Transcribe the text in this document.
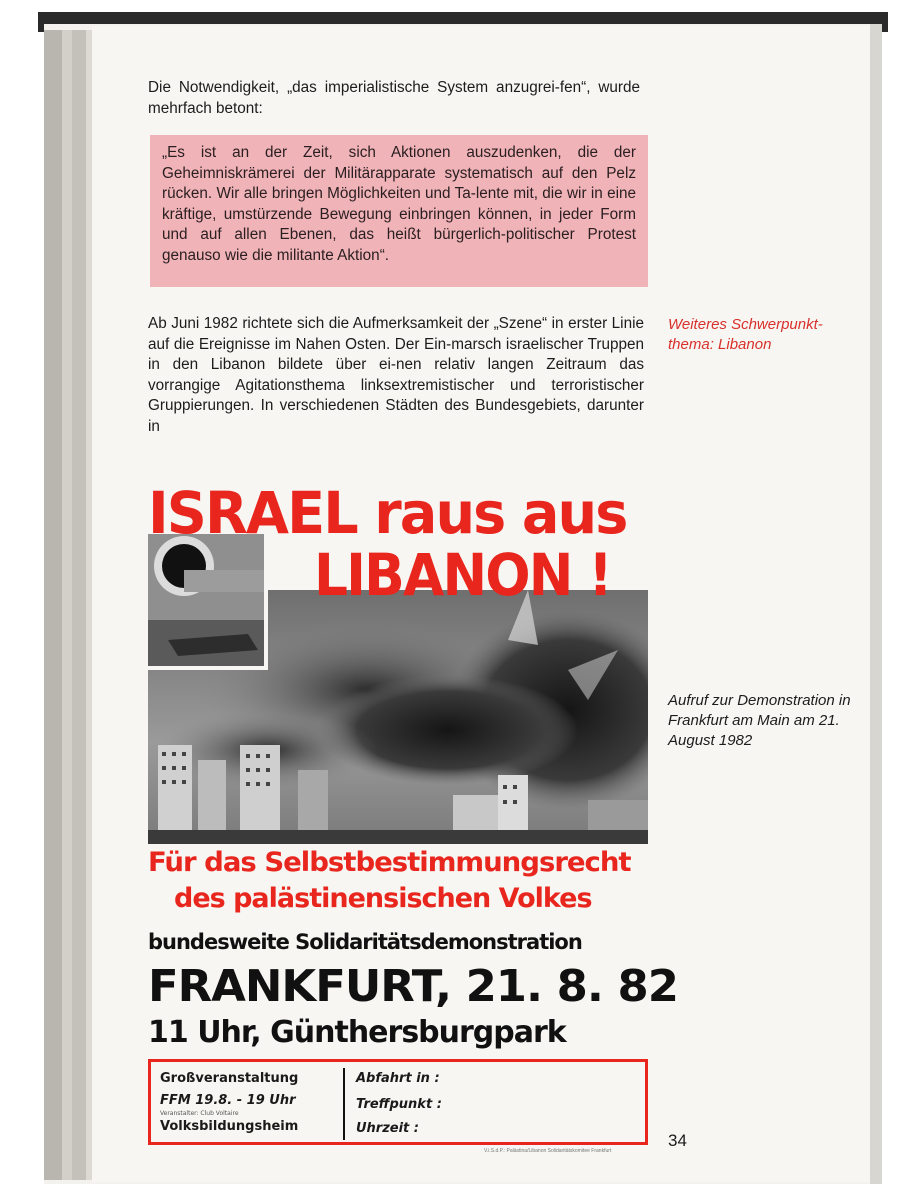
Die Notwendigkeit, „das imperialistische System anzugrei-fen“, wurde mehrfach betont:

„Es ist an der Zeit, sich Aktionen auszudenken, die der Geheimniskrämerei der Militärapparate systematisch auf den Pelz rücken. Wir alle bringen Möglichkeiten und Ta-lente mit, die wir in eine kräftige, umstürzende Bewegung einbringen können, in jeder Form und auf allen Ebenen, das heißt bürgerlich-politischer Protest genauso wie die militante Aktion“.

Ab Juni 1982 richtete sich die Aufmerksamkeit der „Szene“ in erster Linie auf die Ereignisse im Nahen Osten. Der Ein-marsch israelischer Truppen in den Libanon bildete über ei-nen relativ langen Zeitraum das vorrangige Agitationsthema linksextremistischer und terroristischer Gruppierungen. In verschiedenen Städten des Bundesgebiets, darunter in

Weiteres Schwerpunkt-thema: Libanon

ISRAEL raus aus

LIBANON !

Aufruf zur Demonstration in Frankfurt am Main am 21. August 1982

Für das Selbstbestimmungsrecht

des palästinensischen Volkes

bundesweite Solidaritätsdemonstration

FRANKFURT, 21. 8. 82

11 Uhr, Günthersburgpark

Großveranstaltung

FFM 19.8. - 19 Uhr

Veranstalter: Club Voltaire

Volksbildungsheim

Abfahrt in :

Treffpunkt :

Uhrzeit :

V.i.S.d.P.: Palästina/Libanon Solidaritätskomitee Frankfurt

34
